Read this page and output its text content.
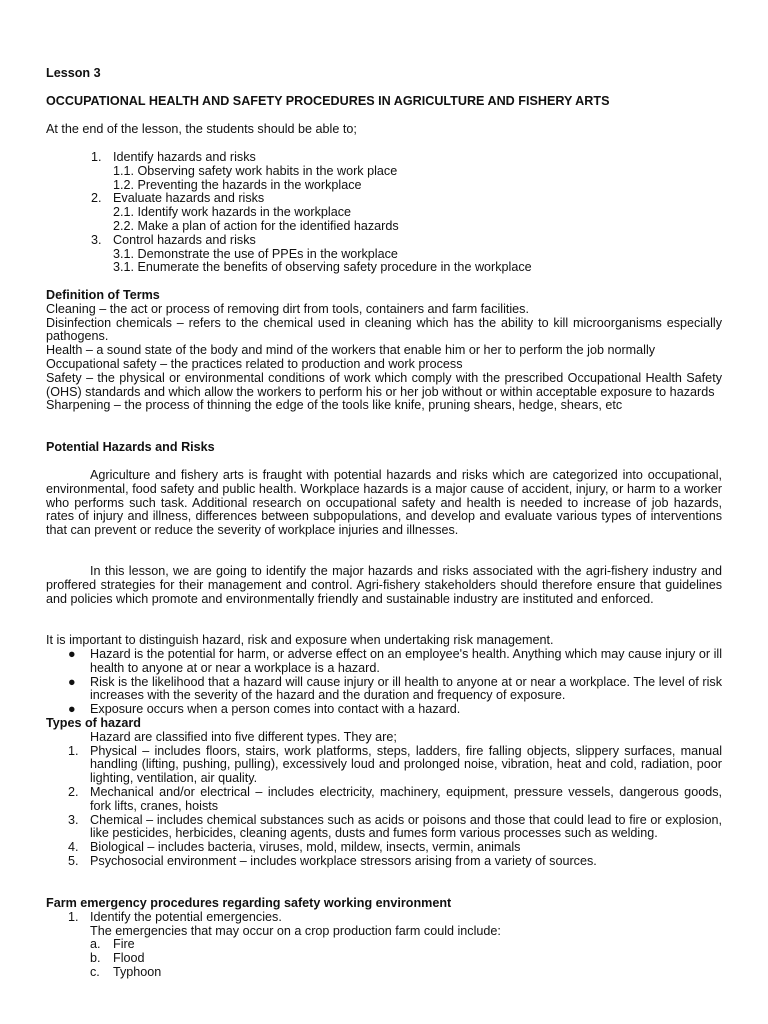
Lesson 3
OCCUPATIONAL HEALTH AND SAFETY PROCEDURES IN AGRICULTURE AND FISHERY ARTS
At the end of the lesson, the students should be able to;
1. Identify hazards and risks
1.1. Observing safety work habits in the work place
1.2. Preventing the hazards in the workplace
2. Evaluate hazards and risks
2.1. Identify work hazards in the workplace
2.2. Make a plan of action for the identified hazards
3. Control hazards and risks
3.1. Demonstrate the use of PPEs in the workplace
3.1. Enumerate the benefits of observing safety procedure in the workplace
Definition of Terms
Cleaning – the act or process of removing dirt from tools, containers and farm facilities.
Disinfection chemicals – refers to the chemical used in cleaning which has the ability to kill microorganisms especially pathogens.
Health – a sound state of the body and mind of the workers that enable him or her to perform the job normally
Occupational safety – the practices related to production and work process
Safety – the physical or environmental conditions of work which comply with the prescribed Occupational Health Safety (OHS) standards and which allow the workers to perform his or her job without or within acceptable exposure to hazards
Sharpening – the process of thinning the edge of the tools like knife, pruning shears, hedge, shears, etc
Potential Hazards and Risks
Agriculture and fishery arts is fraught with potential hazards and risks which are categorized into occupational, environmental, food safety and public health. Workplace hazards is a major cause of accident, injury, or harm to a worker who performs such task. Additional research on occupational safety and health is needed to increase of job hazards, rates of injury and illness, differences between subpopulations, and develop and evaluate various types of interventions that can prevent or reduce the severity of workplace injuries and illnesses.
In this lesson, we are going to identify the major hazards and risks associated with the agri-fishery industry and proffered strategies for their management and control. Agri-fishery stakeholders should therefore ensure that guidelines and policies which promote and environmentally friendly and sustainable industry are instituted and enforced.
It is important to distinguish hazard, risk and exposure when undertaking risk management.
●	Hazard is the potential for harm, or adverse effect on an employee's health. Anything which may cause injury or ill health to anyone at or near a workplace is a hazard.
●	Risk is the likelihood that a hazard will cause injury or ill health to anyone at or near a workplace. The level of risk increases with the severity of the hazard and the duration and frequency of exposure.
●	Exposure occurs when a person comes into contact with a hazard.
Types of hazard
Hazard are classified into five different types. They are;
1. Physical – includes floors, stairs, work platforms, steps, ladders, fire falling objects, slippery surfaces, manual handling (lifting, pushing, pulling), excessively loud and prolonged noise, vibration, heat and cold, radiation, poor lighting, ventilation, air quality.
2. Mechanical and/or electrical – includes electricity, machinery, equipment, pressure vessels, dangerous goods, fork lifts, cranes, hoists
3. Chemical – includes chemical substances such as acids or poisons and those that could lead to fire or explosion, like pesticides, herbicides, cleaning agents, dusts and fumes form various processes such as welding.
4. Biological – includes bacteria, viruses, mold, mildew, insects, vermin, animals
5. Psychosocial environment – includes workplace stressors arising from a variety of sources.
Farm emergency procedures regarding safety working environment
1. Identify the potential emergencies.
The emergencies that may occur on a crop production farm could include:
a. Fire
b. Flood
c.	Typhoon
